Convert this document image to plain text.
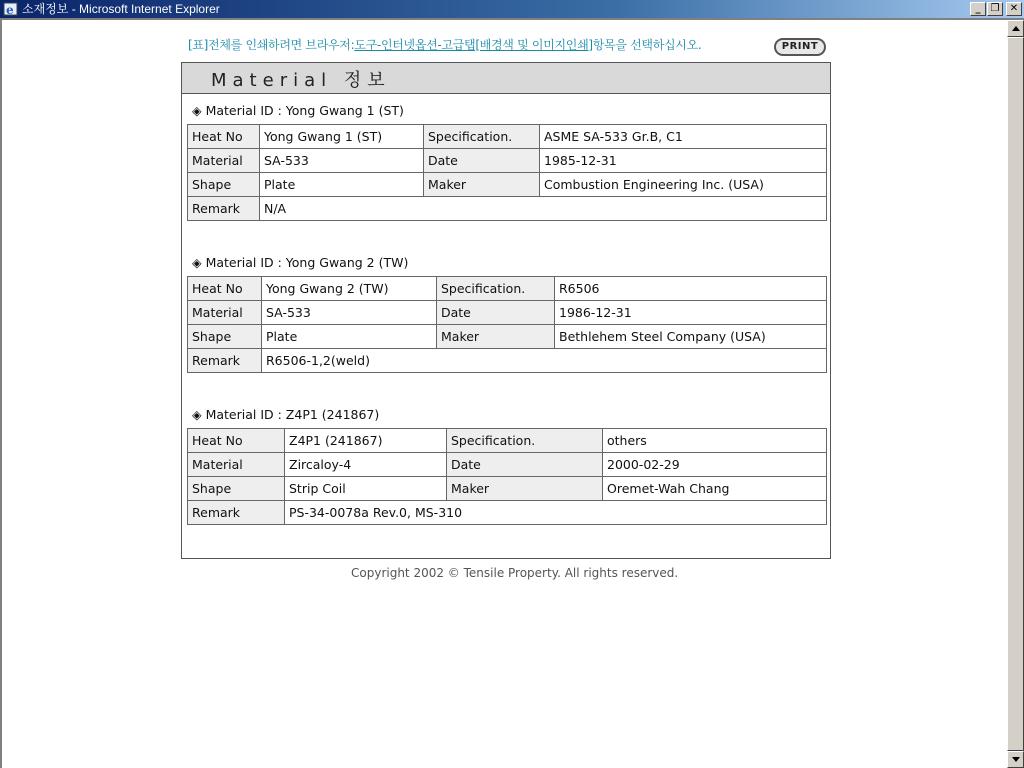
e 소재정보 - Microsoft Internet Explorer	_	❐	✕
[표]전체를 인쇄하려면 브라우저:도구-인터넷옵션-고급탭[배경색 및 이미지인쇄]항목을 선택하십시오.	PRINT
Material 정보
◈ Material ID : Yong Gwang 1 (ST)
Heat No	Yong Gwang 1 (ST)	Specification.	ASME SA-533 Gr.B, C1
Material	SA-533	Date	1985-12-31
Shape	Plate	Maker	Combustion Engineering Inc. (USA)
Remark	N/A		
◈ Material ID : Yong Gwang 2 (TW)
Heat No	Yong Gwang 2 (TW)	Specification.	R6506
Material	SA-533	Date	1986-12-31
Shape	Plate	Maker	Bethlehem Steel Company (USA)
Remark	R6506-1,2(weld)		
◈ Material ID : Z4P1 (241867)
Heat No	Z4P1 (241867)	Specification.	others
Material	Zircaloy-4	Date	2000-02-29
Shape	Strip Coil	Maker	Oremet-Wah Chang
Remark	PS-34-0078a Rev.0, MS-310		
Copyright 2002 © Tensile Property. All rights reserved.
